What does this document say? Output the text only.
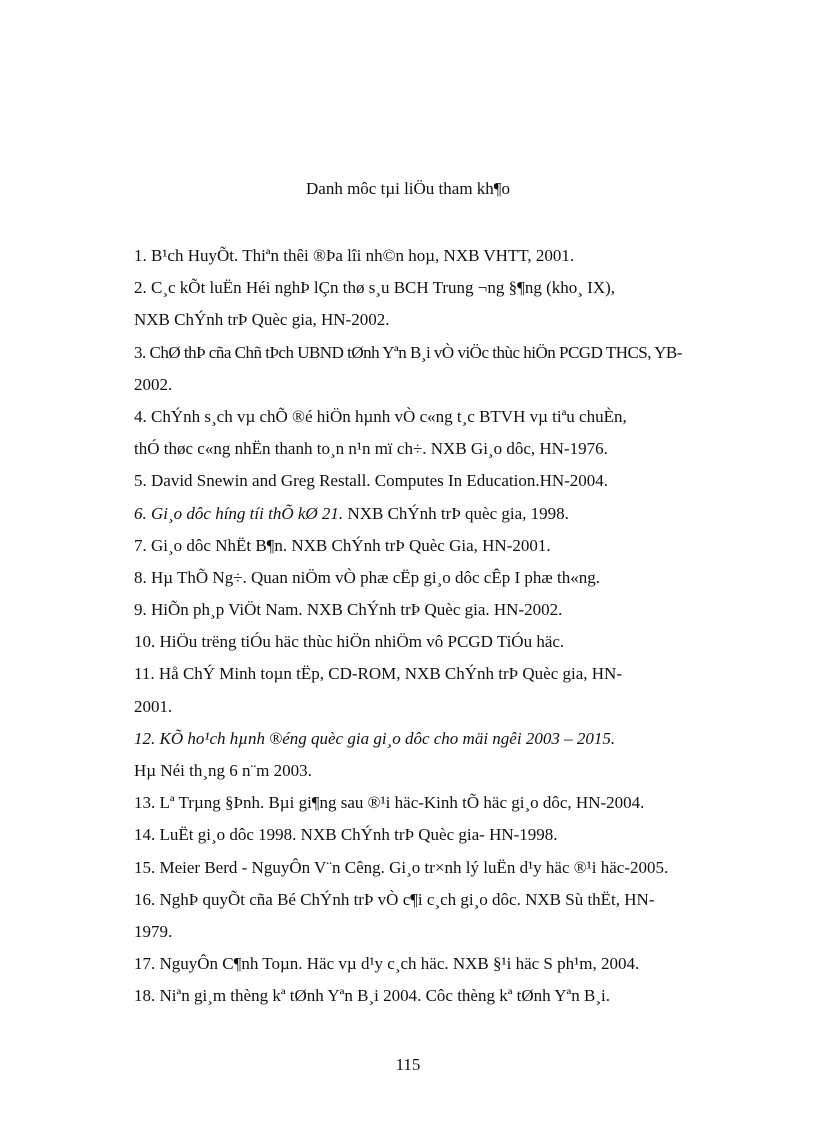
Danh môc tµi liÖu tham kh¶o
1. B¹ch HuyÕt. Thiªn thêi ®Þa lîi nh©n hoµ, NXB VHTT, 2001.
2. C¸c kÕt luËn Héi nghÞ lÇn thø s¸u BCH Trung ¬ng §¶ng (kho¸ IX),
NXB ChÝnh trÞ Quèc gia, HN-2002.
3. ChØ thÞ cña Chñ tÞch UBND tØnh Yªn B¸i vÒ viÖc thùc hiÖn PCGD THCS, YB-
2002.
4. ChÝnh s¸ch vµ chÕ ®é hiÖn hµnh vÒ c«ng t¸c BTVH vµ tiªu chuÈn,
thÓ thøc c«ng nhËn thanh to¸n n¹n mï ch÷. NXB Gi¸o dôc, HN-1976.
5. David Snewin and Greg Restall. Computes In Education.HN-2004.
6. Gi¸o dôc híng tíi thÕ kØ 21. NXB ChÝnh trÞ quèc gia, 1998.
7. Gi¸o dôc NhËt B¶n. NXB ChÝnh trÞ Quèc Gia, HN-2001.
8. Hµ ThÕ Ng÷. Quan niÖm vÒ phæ cËp gi¸o dôc cÊp I phæ th«ng.
9. HiÕn ph¸p ViÖt Nam. NXB ChÝnh trÞ Quèc gia. HN-2002.
10. HiÖu trëng tiÓu häc thùc hiÖn nhiÖm vô PCGD TiÓu häc.
11. Hå ChÝ Minh toµn tËp, CD-ROM, NXB ChÝnh trÞ Quèc gia, HN-
2001.
12. KÕ ho¹ch hµnh ®éng quèc gia gi¸o dôc cho mäi ngêi 2003 – 2015.
Hµ Néi th¸ng 6 n¨m 2003.
13. Lª Trµng §Þnh. Bµi gi¶ng sau ®¹i häc-Kinh tÕ häc gi¸o dôc, HN-2004.
14. LuËt gi¸o dôc 1998. NXB ChÝnh trÞ Quèc gia- HN-1998.
15. Meier Berd - NguyÔn V¨n Cêng. Gi¸o tr×nh lý luËn d¹y häc ®¹i häc-2005.
16. NghÞ quyÕt cña Bé ChÝnh trÞ vÒ c¶i c¸ch gi¸o dôc. NXB Sù thËt, HN-
1979.
17. NguyÔn C¶nh Toµn. Häc vµ d¹y c¸ch häc. NXB §¹i häc S ph¹m, 2004.
18. Niªn gi¸m thèng kª tØnh Yªn B¸i 2004. Côc thèng kª tØnh Yªn B¸i.
115
